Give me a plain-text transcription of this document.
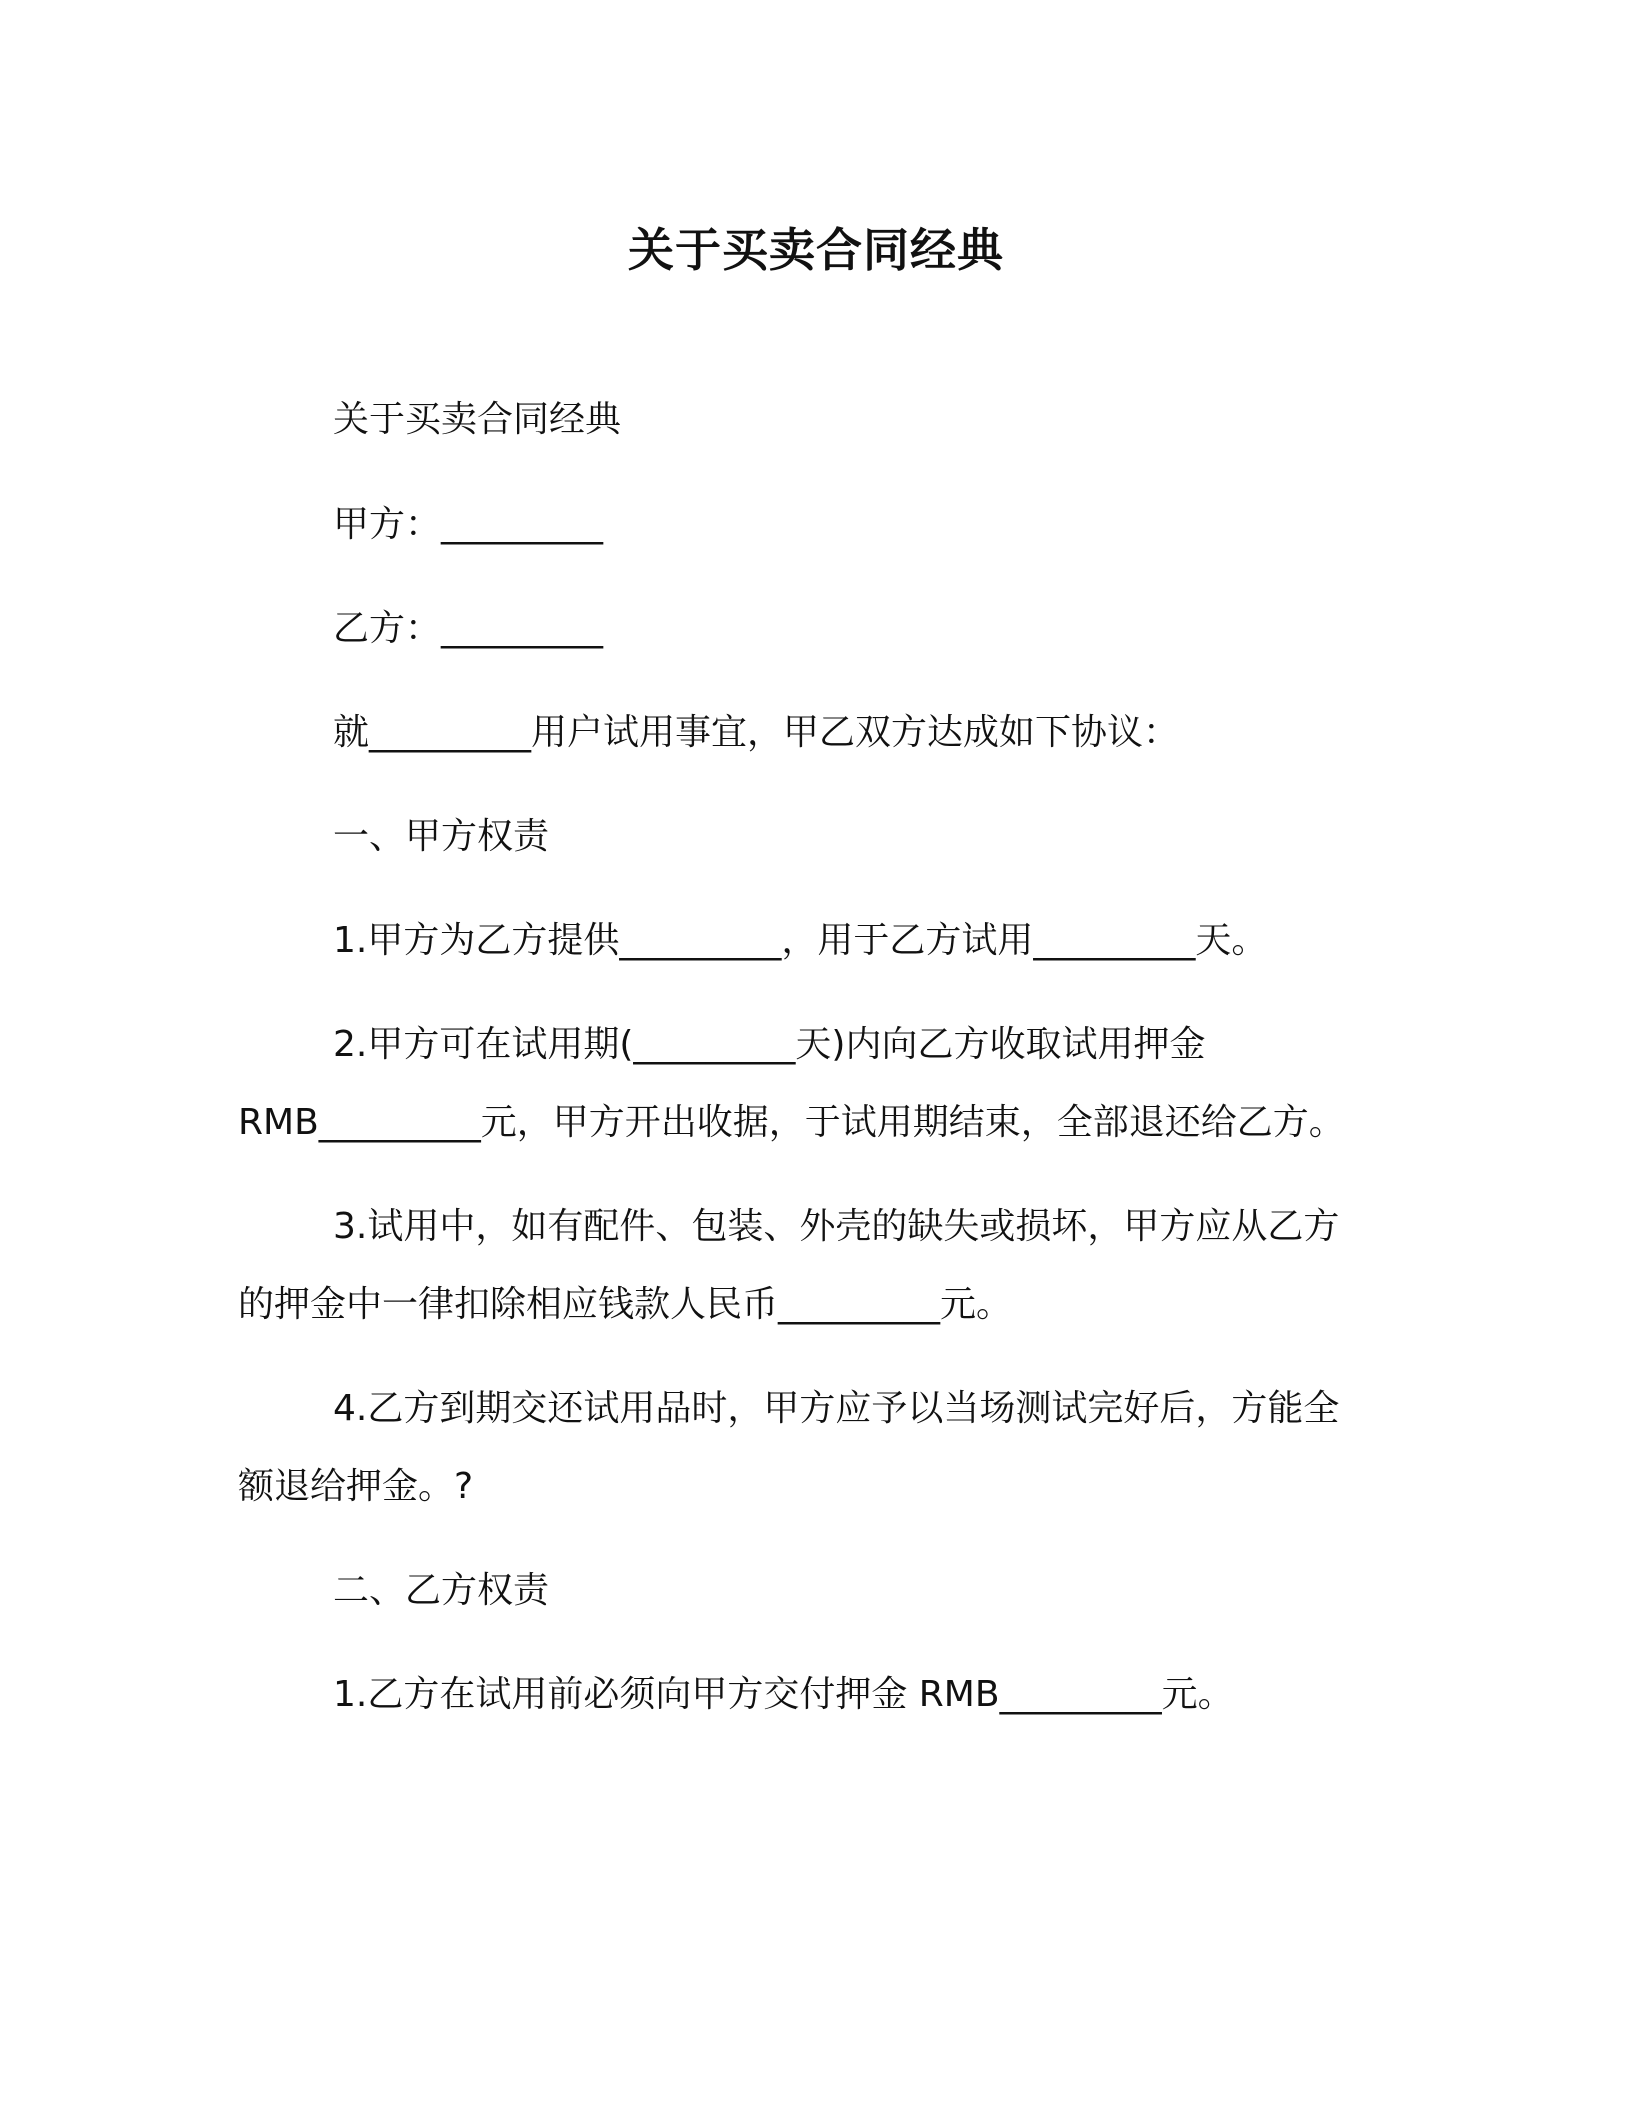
关于买卖合同经典
关于买卖合同经典
甲方：_________
乙方：_________
就_________用户试用事宜，甲乙双方达成如下协议：
一、甲方权责
1.甲方为乙方提供_________，用于乙方试用_________天。
2.甲方可在试用期(_________天)内向乙方收取试用押金
RMB_________元，甲方开出收据，于试用期结束，全部退还给乙方。
3.试用中，如有配件、包装、外壳的缺失或损坏，甲方应从乙方
的押金中一律扣除相应钱款人民币_________元。
4.乙方到期交还试用品时，甲方应予以当场测试完好后，方能全
额退给押金。?
二、乙方权责
1.乙方在试用前必须向甲方交付押金 RMB_________元。
